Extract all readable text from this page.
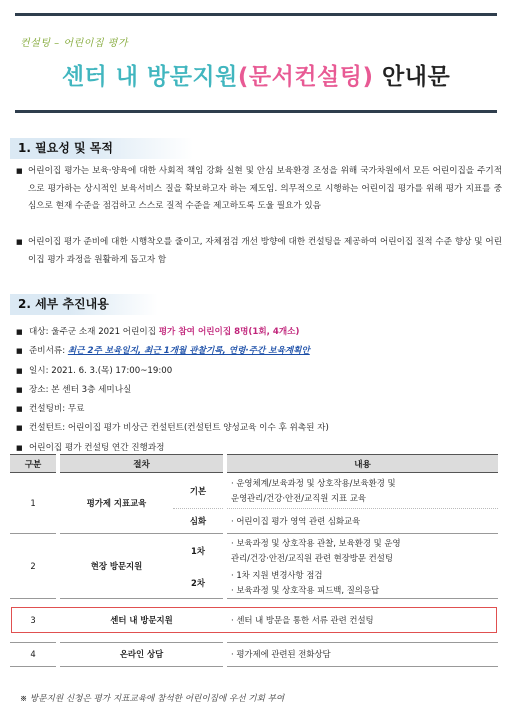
컨설팅 – 어린이집 평가
센터 내 방문지원(문서컨설팅) 안내문
1. 필요성 및 목적
■ 어린이집 평가는 보육·양육에 대한 사회적 책임 강화 실현 및 안심 보육환경 조성을 위해 국가차원에서 모든 어린이집을 주기적으로 평가하는 상시적인 보육서비스 질을 확보하고자 하는 제도임. 의무적으로 시행하는 어린이집 평가를 위해 평가 지표를 중심으로 현재 수준을 점검하고 스스로 질적 수준을 제고하도록 도울 필요가 있음
■ 어린이집 평가 준비에 대한 시행착오를 줄이고, 자체점검 개선 방향에 대한 컨설팅을 제공하여 어린이집 질적 수준 향상 및 어린이집 평가 과정을 원활하게 돕고자 함
2. 세부 추진내용
■ 대상: 울주군 소재 2021 어린이집 평가 참여 어린이집 8명(1회, 4개소)
■ 준비서류: 최근 2주 보육일지, 최근 1개월 관찰기록, 연령·주간 보육계획안
■ 일시: 2021. 6. 3.(목) 17:00~19:00
■ 장소: 본 센터 3층 세미나실
■ 컨설팅비: 무료
■ 컨설턴트: 어린이집 평가 비상근 컨설턴트(컨설턴트 양성교육 이수 후 위촉된 자)
■ 어린이집 평가 컨설팅 연간 진행과정
구분		절차			내용
1		평가제 지표교육	기본		· 운영체계/보육과정 및 상호작용/보육환경 및
운영관리/건강·안전/교직원 지표 교육

			심화		· 어린이집 평가 영역 관련 심화교육
2		현장 방문지원	1차		· 보육과정 및 상호작용 관찰, 보육환경 및 운영
관리/건강·안전/교직원 관련 현장방문 컨설팅

			2차		· 1차 지원 변경사항 점검
· 보육과정 및 상호작용 피드백, 질의응답

3		센터 내 방문지원			· 센터 내 방문을 통한 서류 관련 컨설팅

4		온라인 상담			· 평가제에 관련된 전화상담
※ 방문지원 신청은 평가 지표교육에 참석한 어린이집에 우선 기회 부여
